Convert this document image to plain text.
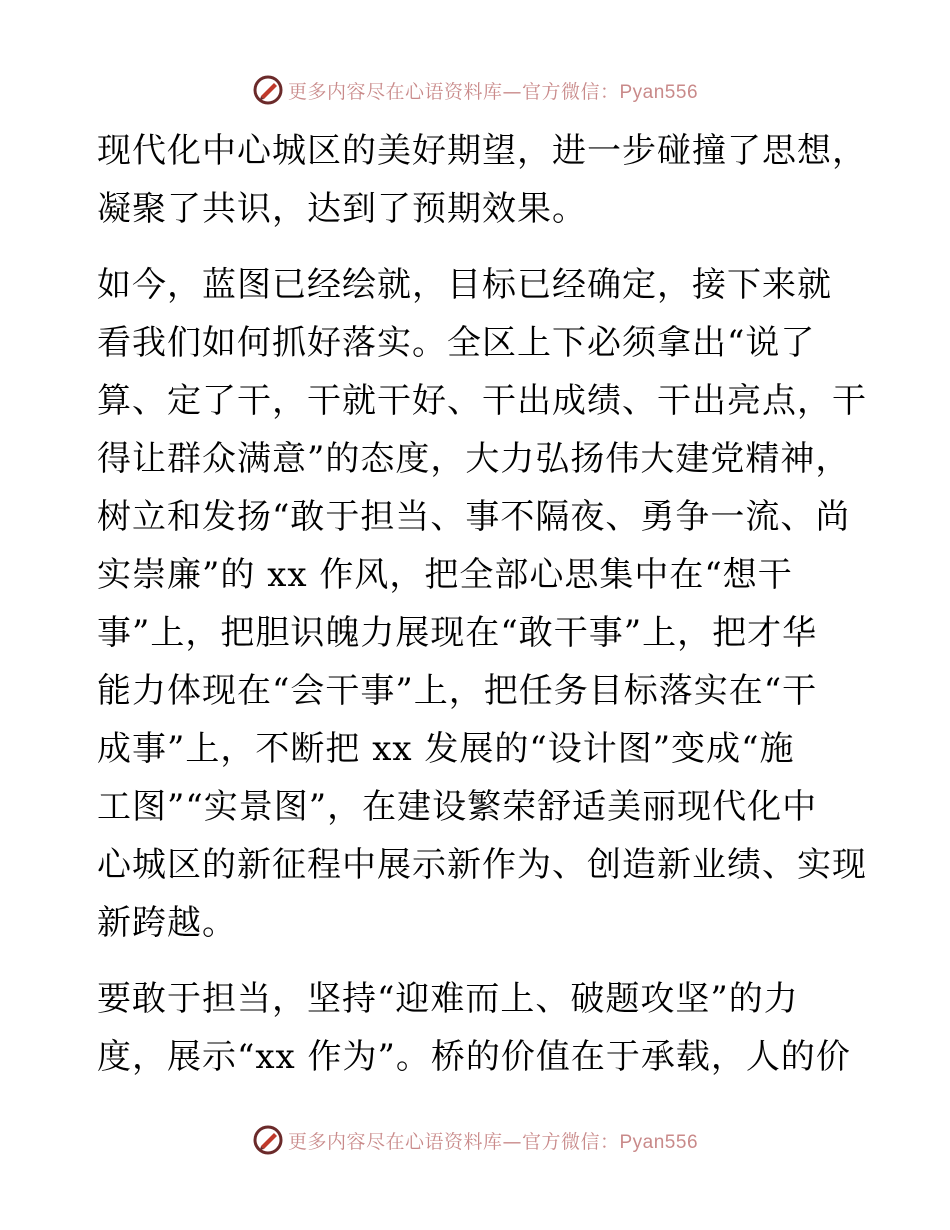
更多内容尽在心语资料库—官方微信：Pyan556
现代化中心城区的美好期望，进一步碰撞了思想，
凝聚了共识，达到了预期效果。
如今，蓝图已经绘就，目标已经确定，接下来就
看我们如何抓好落实。全区上下必须拿出“说了
算、定了干，干就干好、干出成绩、干出亮点，干
得让群众满意”的态度，大力弘扬伟大建党精神，
树立和发扬“敢于担当、事不隔夜、勇争一流、尚
实崇廉”的 xx 作风，把全部心思集中在“想干
事”上，把胆识魄力展现在“敢干事”上，把才华
能力体现在“会干事”上，把任务目标落实在“干
成事”上，不断把 xx 发展的“设计图”变成“施
工图”“实景图”，在建设繁荣舒适美丽现代化中
心城区的新征程中展示新作为、创造新业绩、实现
新跨越。
要敢于担当，坚持“迎难而上、破题攻坚”的力
度，展示“xx 作为”。桥的价值在于承载，人的价
更多内容尽在心语资料库—官方微信：Pyan556
